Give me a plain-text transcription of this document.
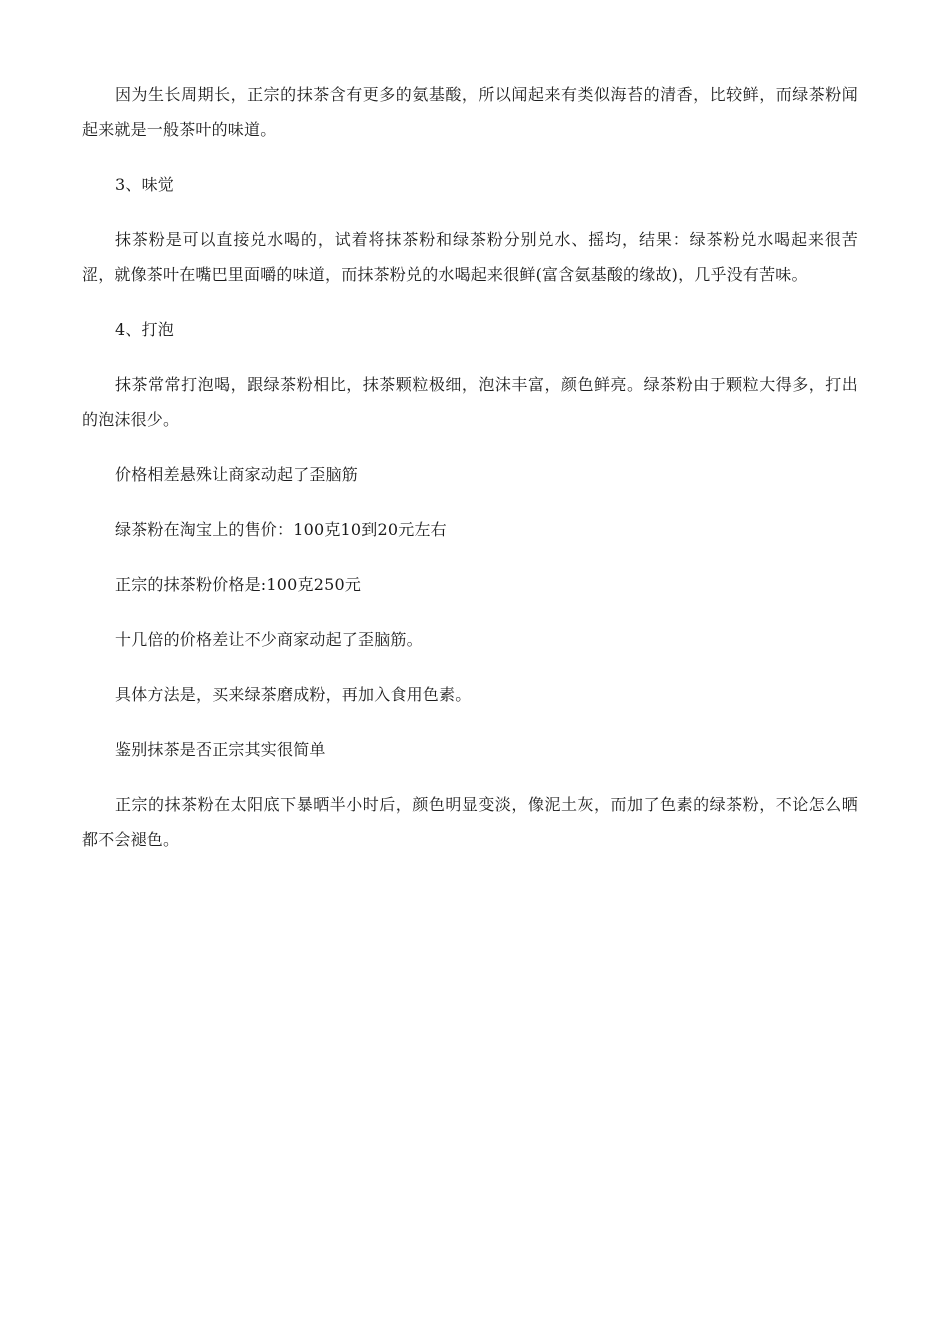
因为生长周期长，正宗的抹茶含有更多的氨基酸，所以闻起来有类似海苔的清香，比较鲜，而绿茶粉闻起来就是一般茶叶的味道。

3、味觉

抹茶粉是可以直接兑水喝的，试着将抹茶粉和绿茶粉分别兑水、摇均，结果：绿茶粉兑水喝起来很苦涩，就像茶叶在嘴巴里面嚼的味道，而抹茶粉兑的水喝起来很鲜(富含氨基酸的缘故)，几乎没有苦味。

4、打泡

抹茶常常打泡喝，跟绿茶粉相比，抹茶颗粒极细，泡沫丰富，颜色鲜亮。绿茶粉由于颗粒大得多，打出的泡沫很少。

价格相差悬殊让商家动起了歪脑筋

绿茶粉在淘宝上的售价：100克10到20元左右

正宗的抹茶粉价格是:100克250元

十几倍的价格差让不少商家动起了歪脑筋。

具体方法是，买来绿茶磨成粉，再加入食用色素。

鉴别抹茶是否正宗其实很简单

正宗的抹茶粉在太阳底下暴晒半小时后，颜色明显变淡，像泥土灰，而加了色素的绿茶粉，不论怎么晒都不会褪色。
